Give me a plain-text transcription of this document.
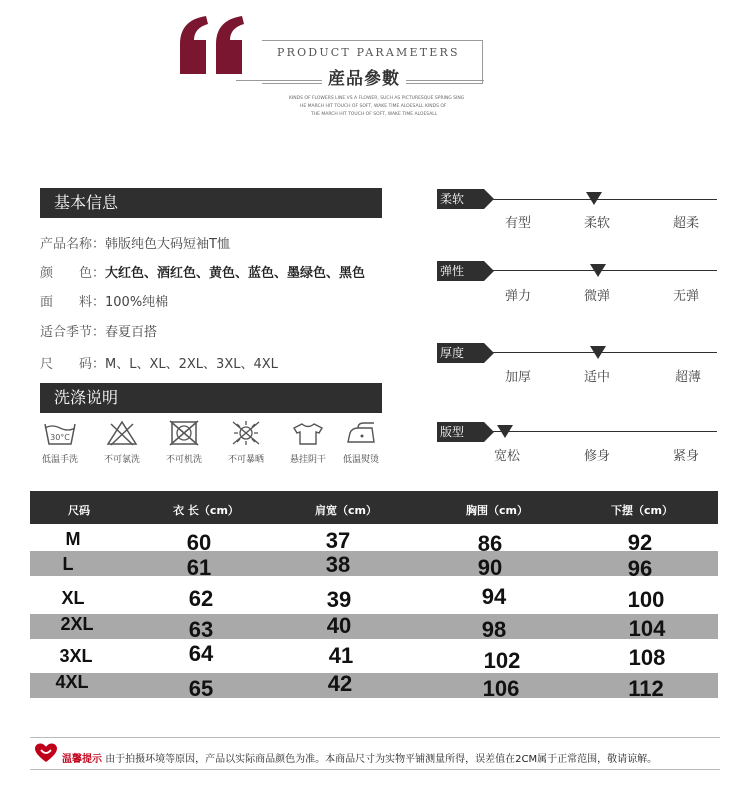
PRODUCT PARAMETERS
産品參數
KINDS OF FLOWERS LINE VS A FLOWER, SUCH AS PICTURESQUE SPRING SING
HE MARCH HIT TOUCH OF SOFT, WAKE TIME ALOESALL KINDS OF
THE MARCH HIT TOUCH OF SOFT, WAKE TIME ALOESALL
基本信息
产品名称：韩版纯色大码短袖T恤
颜　　色：大红色、酒红色、黄色、蓝色、墨绿色、黑色
面　　料：100%纯棉
适合季节：春夏百搭
尺　　码：M、L、XL、2XL、3XL、4XL
洗涤说明
30°C
低温手洗	不可氯洗	不可机洗	不可暴晒	悬挂阴干	低温熨烫
柔软
有型	柔软	超柔
弹性
弹力	微弹	无弹
厚度
加厚	适中	超薄
版型
宽松	修身	紧身
尺码	衣 长（cm）	肩宽（cm）	胸围（cm）	下摆（cm）
M	60	37	86	92
L	61	38	90	96
XL	62	39	94	100
2XL	63	40	98	104
3XL	64	41	102	108
4XL	65	42	106	112
温馨提示 由于拍摄环境等原因，产品以实际商品颜色为准。本商品尺寸为实物平铺测量所得，误差值在2CM属于正常范围，敬请谅解。
